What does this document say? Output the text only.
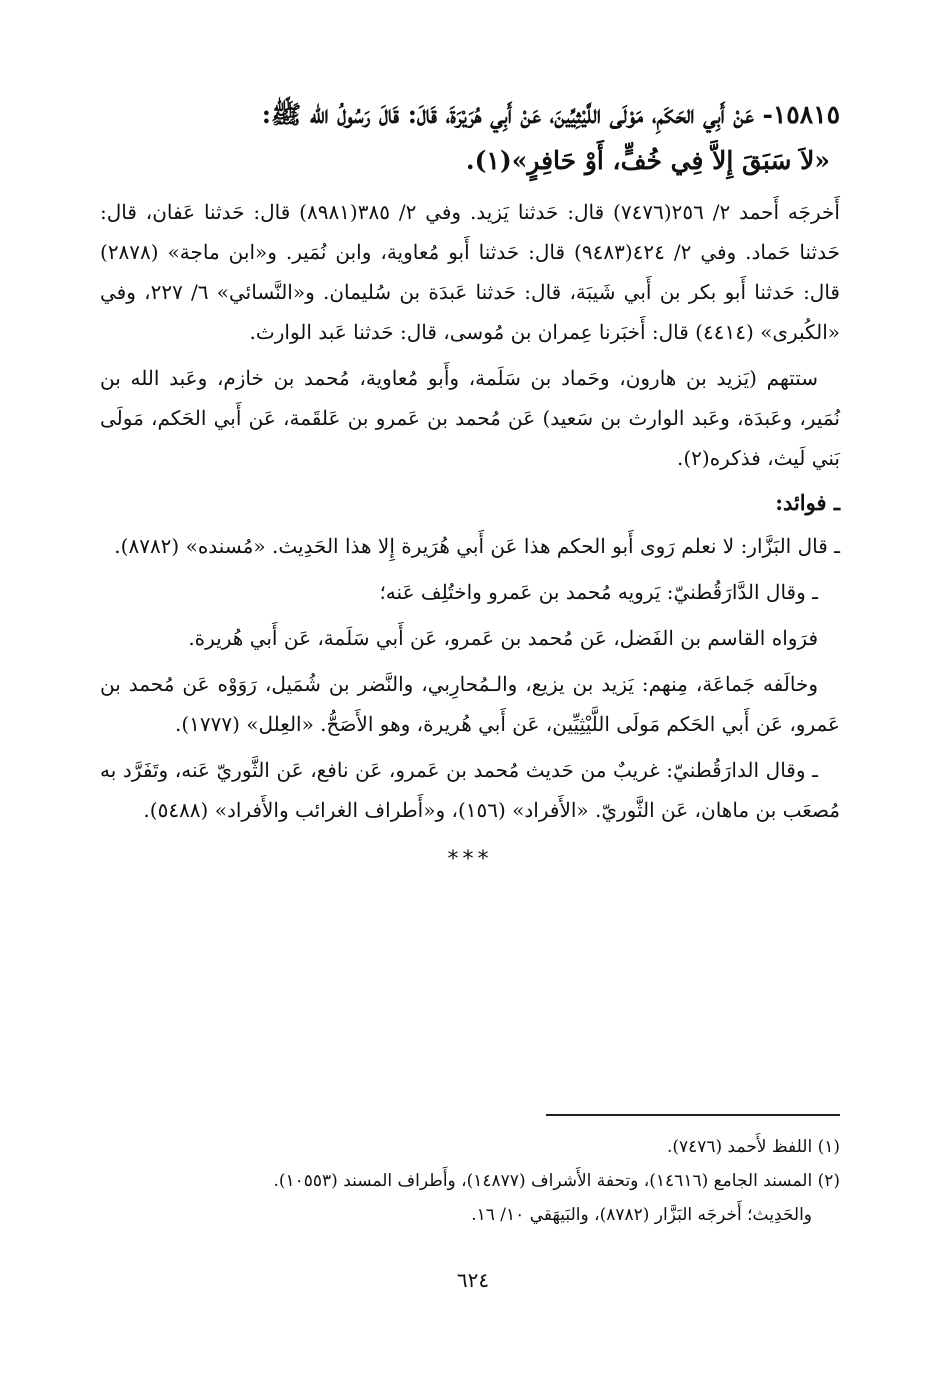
١٥٨١٥- عَنْ أَبِي الحَكَمِ، مَوْلَى اللَّيْثِيِّينَ، عَنْ أَبِي هُرَيْرَةَ، قَالَ: قَالَ رَسُولُ الله ﷺ:

«لاَ سَبَقَ إِلاَّ فِي خُفٍّ، أَوْ حَافِرٍ»(١).

أَخرجَه أَحمد ٢/ ٢٥٦(٧٤٧٦) قال: حَدثنا يَزيد. وفي ٢/ ٣٨٥(٨٩٨١) قال: حَدثنا عَفان، قال: حَدثنا حَماد. وفي ٢/ ٤٢٤(٩٤٨٣) قال: حَدثنا أَبو مُعاوية، وابن نُمَير. و«ابن ماجة» (٢٨٧٨) قال: حَدثنا أَبو بكر بن أَبي شَيبَة، قال: حَدثنا عَبدَة بن سُليمان. و«النَّسائي» ٦/ ٢٢٧، وفي «الكُبرى» (٤٤١٤) قال: أَخبَرنا عِمران بن مُوسى، قال: حَدثنا عَبد الوارث.

ستتهم (يَزيد بن هارون، وحَماد بن سَلَمة، وأَبو مُعاوية، مُحمد بن خازم، وعَبد الله بن نُمَير، وعَبدَة، وعَبد الوارث بن سَعيد) عَن مُحمد بن عَمرو بن عَلقَمة، عَن أَبي الحَكم، مَولَى بَني لَيث، فذكره(٢).

ـ فوائد:

ـ قال البَزَّار: لا نعلم رَوى أَبو الحكم هذا عَن أَبي هُرَيرة إِلا هذا الحَدِيث. «مُسنده» (٨٧٨٢).

ـ وقال الدَّارَقُطنيّ: يَرويه مُحمد بن عَمرو واختُلِف عَنه؛

فرَواه القاسم بن الفَضل، عَن مُحمد بن عَمرو، عَن أَبي سَلَمة، عَن أَبي هُريرة.

وخالَفه جَماعَة، مِنهم: يَزيد بن يزيع، والـمُحارِبي، والنَّضر بن شُمَيل، رَوَوْه عَن مُحمد بن عَمرو، عَن أَبي الحَكم مَولَى اللَّيْثِيِّين، عَن أَبي هُريرة، وهو الأَصَحُّ. «العِلل» (١٧٧٧).

ـ وقال الدارَقُطنيّ: غريبٌ من حَديث مُحمد بن عَمرو، عَن نافع، عَن الثَّوريّ عَنه، وتَفَرَّد به مُصعَب بن ماهان، عَن الثَّوريّ. «الأَفراد» (١٥٦)، و«أَطراف الغرائب والأَفراد» (٥٤٨٨).

***

(١) اللفظ لأَحمد (٧٤٧٦).

(٢) المسند الجامع (١٤٦١٦)، وتحفة الأَشراف (١٤٨٧٧)، وأَطراف المسند (١٠٥٥٣).

والحَدِيث؛ أَخرجَه البَزَّار (٨٧٨٢)، والبَيهَقي ١٠/ ١٦.

٦٢٤
